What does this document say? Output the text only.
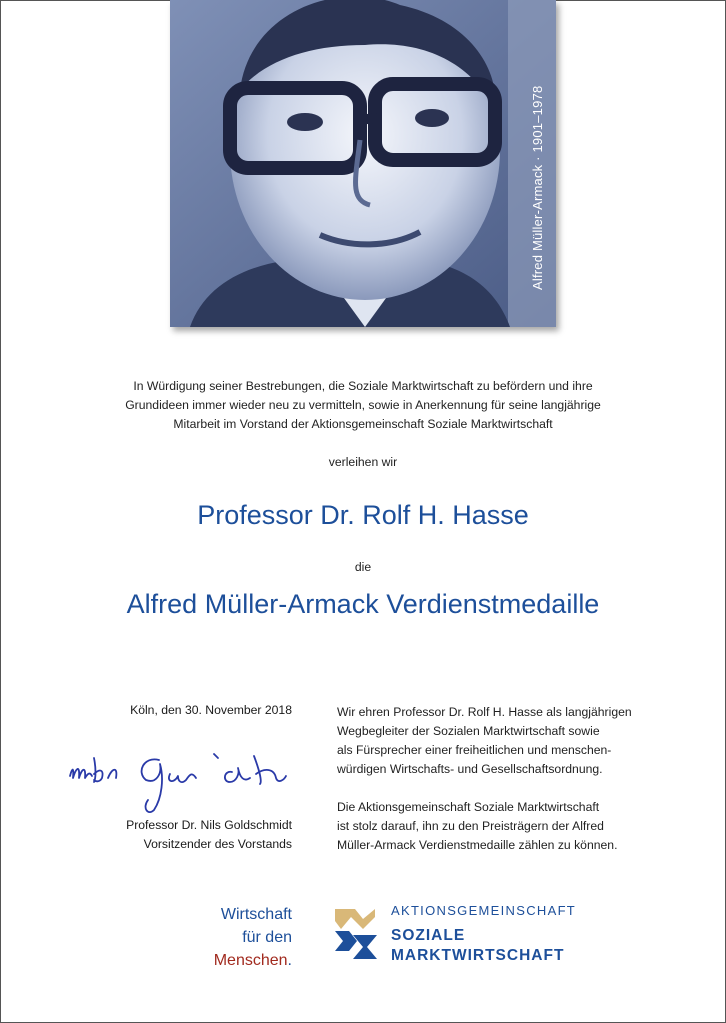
Alfred Müller-Armack · 1901–1978
In Würdigung seiner Bestrebungen, die Soziale Marktwirtschaft zu befördern und ihre
Grundideen immer wieder neu zu vermitteln, sowie in Anerkennung für seine langjährige
Mitarbeit im Vorstand der Aktionsgemeinschaft Soziale Marktwirtschaft
verleihen wir
Professor Dr. Rolf H. Hasse
die
Alfred Müller-Armack Verdienstmedaille
Köln, den 30. November 2018
Professor Dr. Nils Goldschmidt
Vorsitzender des Vorstands

Wir ehren Professor Dr. Rolf H. Hasse als langjährigen
Wegbegleiter der Sozialen Marktwirtschaft sowie
als Fürsprecher einer freiheitlichen und menschen-
würdigen Wirtschafts- und Gesellschaftsordnung.

Die Aktionsgemeinschaft Soziale Marktwirtschaft
ist stolz darauf, ihn zu den Preisträgern der Alfred
Müller-Armack Verdienstmedaille zählen zu können.

Wirtschaft
für den
Menschen.
AKTIONSGEMEINSCHAFT
SOZIALE
MARKTWIRTSCHAFT
